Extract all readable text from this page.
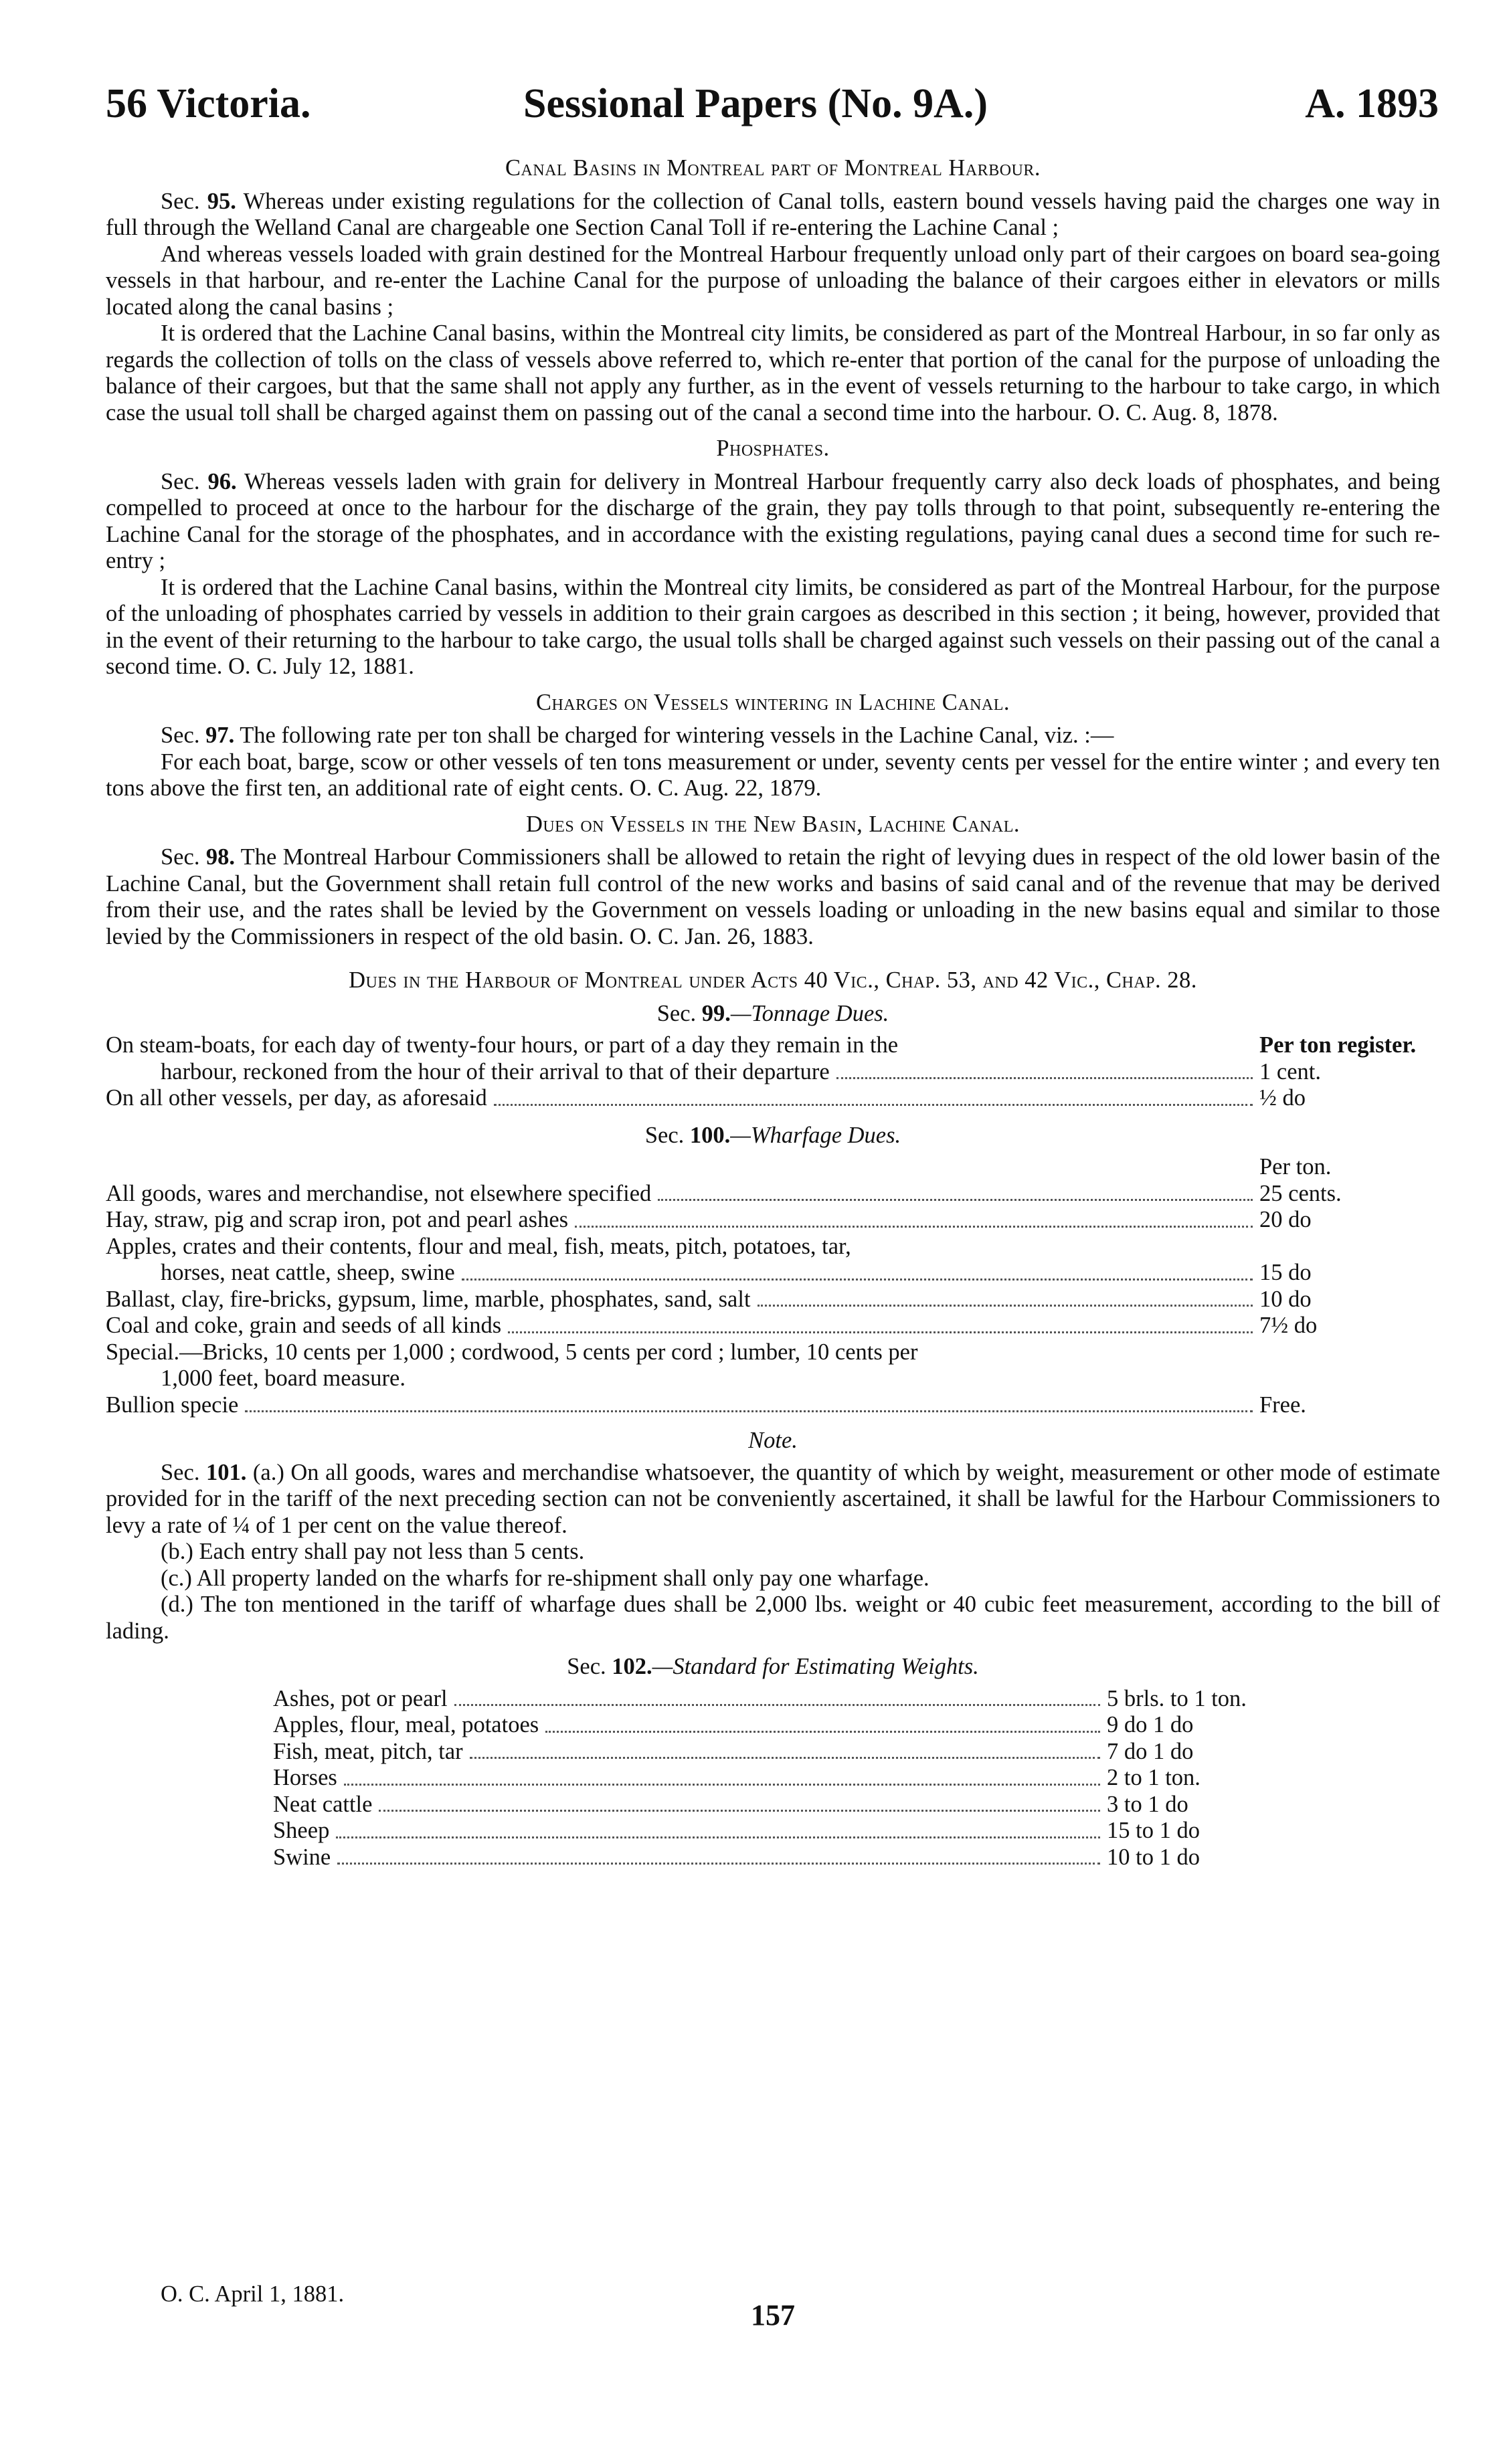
56 Victoria.	Sessional Papers (No. 9A.)	A. 1893
Canal Basins in Montreal part of Montreal Harbour.

Sec. 95. Whereas under existing regulations for the collection of Canal tolls, eastern bound vessels having paid the charges one way in full through the Welland Canal are chargeable one Section Canal Toll if re-entering the Lachine Canal ;

And whereas vessels loaded with grain destined for the Montreal Harbour frequently unload only part of their cargoes on board sea-going vessels in that harbour, and re-enter the Lachine Canal for the purpose of unloading the balance of their cargoes either in elevators or mills located along the canal basins ;

It is ordered that the Lachine Canal basins, within the Montreal city limits, be considered as part of the Montreal Harbour, in so far only as regards the collection of tolls on the class of vessels above referred to, which re-enter that portion of the canal for the purpose of unloading the balance of their cargoes, but that the same shall not apply any further, as in the event of vessels returning to the harbour to take cargo, in which case the usual toll shall be charged against them on passing out of the canal a second time into the harbour. O. C. Aug. 8, 1878.

Phosphates.

Sec. 96. Whereas vessels laden with grain for delivery in Montreal Harbour frequently carry also deck loads of phosphates, and being compelled to proceed at once to the harbour for the discharge of the grain, they pay tolls through to that point, subsequently re-entering the Lachine Canal for the storage of the phosphates, and in accordance with the existing regulations, paying canal dues a second time for such re-entry ;

It is ordered that the Lachine Canal basins, within the Montreal city limits, be considered as part of the Montreal Harbour, for the purpose of the unloading of phosphates carried by vessels in addition to their grain cargoes as described in this section ; it being, however, provided that in the event of their returning to the harbour to take cargo, the usual tolls shall be charged against such vessels on their passing out of the canal a second time. O. C. July 12, 1881.

Charges on Vessels wintering in Lachine Canal.

Sec. 97. The following rate per ton shall be charged for wintering vessels in the Lachine Canal, viz. :—

For each boat, barge, scow or other vessels of ten tons measurement or under, seventy cents per vessel for the entire winter ; and every ten tons above the first ten, an additional rate of eight cents. O. C. Aug. 22, 1879.

Dues on Vessels in the New Basin, Lachine Canal.

Sec. 98. The Montreal Harbour Commissioners shall be allowed to retain the right of levying dues in respect of the old lower basin of the Lachine Canal, but the Government shall retain full control of the new works and basins of said canal and of the revenue that may be derived from their use, and the rates shall be levied by the Government on vessels loading or unloading in the new basins equal and similar to those levied by the Commissioners in respect of the old basin. O. C. Jan. 26, 1883.

Dues in the Harbour of Montreal under Acts 40 Vic., Chap. 53, and 42 Vic., Chap. 28.
Sec. 99.—Tonnage Dues.
On steam-boats, for each day of twenty-four hours, or part of a day they remain in the	Per ton register.
harbour, reckoned from the hour of their arrival to that of their departure	1 cent.
On all other vessels, per day, as aforesaid	½ do
Sec. 100.—Wharfage Dues.
Per ton.
All goods, wares and merchandise, not elsewhere specified	25 cents.
Hay, straw, pig and scrap iron, pot and pearl ashes	20 do
Apples, crates and their contents, flour and meal, fish, meats, pitch, potatoes, tar,
horses, neat cattle, sheep, swine	15 do
Ballast, clay, fire-bricks, gypsum, lime, marble, phosphates, sand, salt	10 do
Coal and coke, grain and seeds of all kinds	7½ do
Special.—Bricks, 10 cents per 1,000 ; cordwood, 5 cents per cord ; lumber, 10 cents per
1,000 feet, board measure.
Bullion specie	Free.
Note.

Sec. 101. (a.) On all goods, wares and merchandise whatsoever, the quantity of which by weight, measurement or other mode of estimate provided for in the tariff of the next preceding section can not be conveniently ascertained, it shall be lawful for the Harbour Commissioners to levy a rate of ¼ of 1 per cent on the value thereof.

(b.) Each entry shall pay not less than 5 cents.

(c.) All property landed on the wharfs for re-shipment shall only pay one wharfage.

(d.) The ton mentioned in the tariff of wharfage dues shall be 2,000 lbs. weight or 40 cubic feet measurement, according to the bill of lading.

Sec. 102.—Standard for Estimating Weights.
Ashes, pot or pearl	5 brls. to 1 ton.
Apples, flour, meal, potatoes	9 do 1 do
Fish, meat, pitch, tar	7 do 1 do
Horses	2 to 1 ton.
Neat cattle	3 to 1 do
Sheep	15 to 1 do
Swine	10 to 1 do
O. C. April 1, 1881.
157
